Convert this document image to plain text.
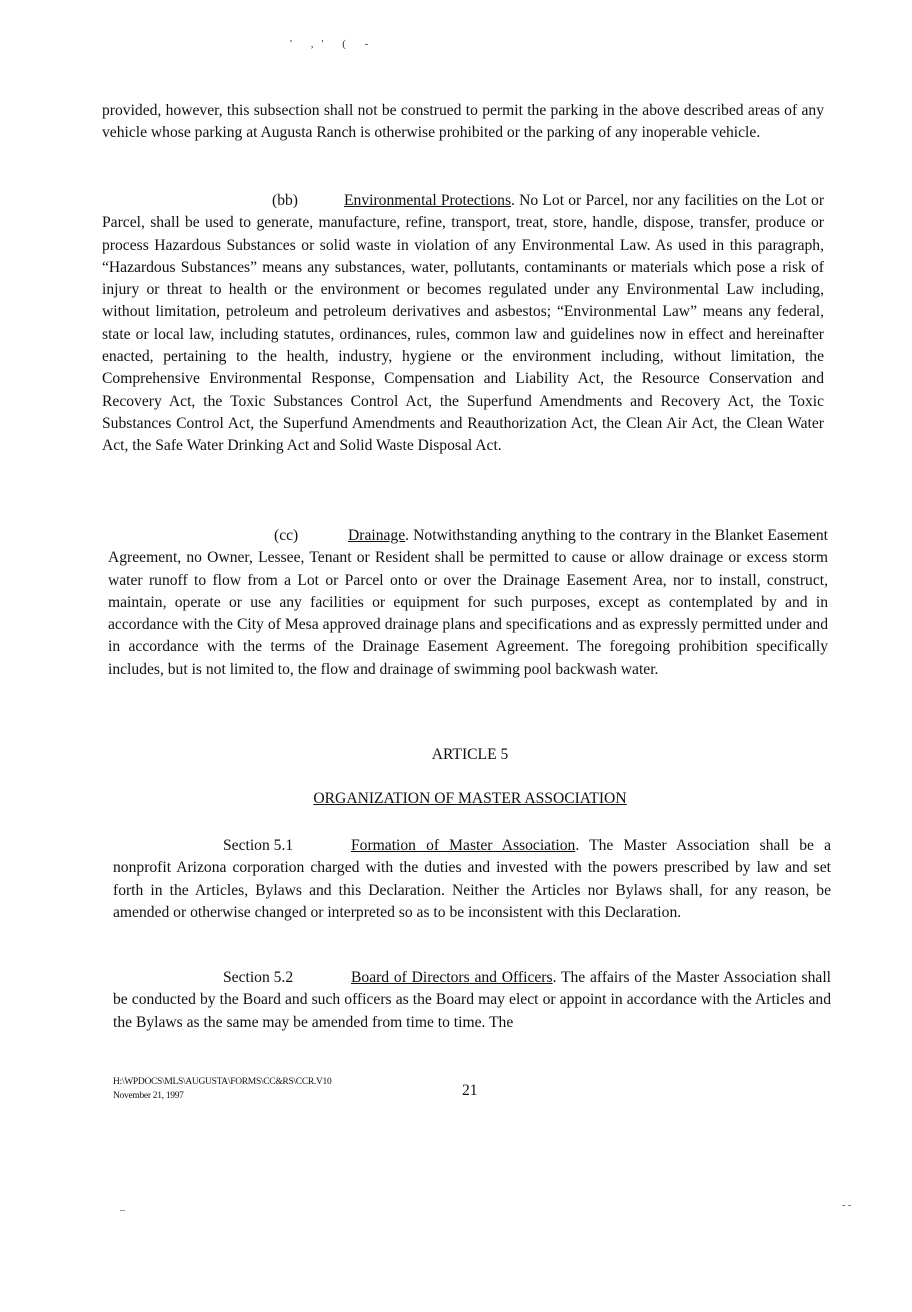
' ,' ( -

provided, however, this subsection shall not be construed to permit the parking in the above described areas of any vehicle whose parking at Augusta Ranch is otherwise prohibited or the parking of any inoperable vehicle.

(bb)	Environmental Protections. No Lot or Parcel, nor any facilities on the Lot or Parcel, shall be used to generate, manufacture, refine, transport, treat, store, handle, dispose, transfer, produce or process Hazardous Substances or solid waste in violation of any Environmental Law. As used in this paragraph, “Hazardous Substances” means any substances, water, pollutants, contaminants or materials which pose a risk of injury or threat to health or the environment or becomes regulated under any Environmental Law including, without limitation, petroleum and petroleum derivatives and asbestos; “Environmental Law” means any federal, state or local law, including statutes, ordinances, rules, common law and guidelines now in effect and hereinafter enacted, pertaining to the health, industry, hygiene or the environment including, without limitation, the Comprehensive Environmental Response, Compensation and Liability Act, the Resource Conservation and Recovery Act, the Toxic Substances Control Act, the Superfund Amendments and Recovery Act, the Toxic Substances Control Act, the Superfund Amendments and Reauthorization Act, the Clean Air Act, the Clean Water Act, the Safe Water Drinking Act and Solid Waste Disposal Act.

(cc)	Drainage. Notwithstanding anything to the contrary in the Blanket Easement Agreement, no Owner, Lessee, Tenant or Resident shall be permitted to cause or allow drainage or excess storm water runoff to flow from a Lot or Parcel onto or over the Drainage Easement Area, nor to install, construct, maintain, operate or use any facilities or equipment for such purposes, except as contemplated by and in accordance with the City of Mesa approved drainage plans and specifications and as expressly permitted under and in accordance with the terms of the Drainage Easement Agreement. The foregoing prohibition specifically includes, but is not limited to, the flow and drainage of swimming pool backwash water.

ARTICLE 5
ORGANIZATION OF MASTER ASSOCIATION

Section 5.1	Formation of Master Association. The Master Association shall be a nonprofit Arizona corporation charged with the duties and invested with the powers prescribed by law and set forth in the Articles, Bylaws and this Declaration. Neither the Articles nor Bylaws shall, for any reason, be amended or otherwise changed or interpreted so as to be inconsistent with this Declaration.

Section 5.2	Board of Directors and Officers. The affairs of the Master Association shall be conducted by the Board and such officers as the Board may elect or appoint in accordance with the Articles and the Bylaws as the same may be amended from time to time. The

H:\WPDOCS\MLS\AUGUSTA\FORMS\CC&RS\CCR.V10
November 21, 1997	21
–	- -
